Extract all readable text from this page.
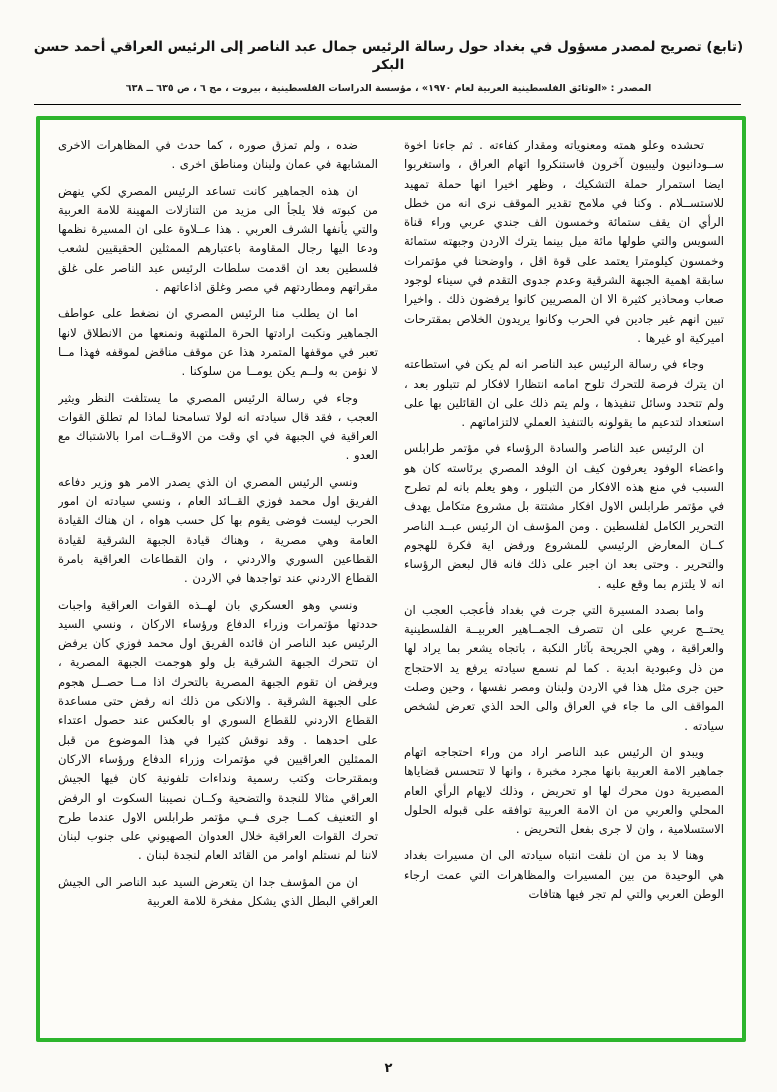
(تابع) تصريح لمصدر مسؤول في بغداد حول رسالة الرئيس جمال عبد الناصر إلى الرئيس العراقي أحمد حسن البكر
المصدر : «الوثائق الفلسطينية العربية لعام ١٩٧٠» ، مؤسسة الدراسات الفلسطينية ، بيروت ، مج ٦ ، ص ٦٣٥ ــ ٦٣٨

تحشده وعلو همته ومعنوياته ومقدار كفاءته . ثم جاءنا اخوة ســودانيون وليبيون آخرون فاستنكروا اتهام العراق ، واستغربوا ايضا استمرار حملة التشكيك ، وظهر اخيرا انها حملة تمهيد للاستســلام . وكنا في ملامح تقدير الموقف نرى انه من خطل الرأي ان يقف ستمائة وخمسون الف جندي عربي وراء قناة السويس والتي طولها مائة ميل بينما يترك الاردن وجبهته ستمائة وخمسون كيلومترا يعتمد على قوة اقل ، واوضحنا في مؤتمرات سابقة اهمية الجبهة الشرقية وعدم جدوى التقدم في سيناء لوجود صعاب ومحاذير كثيرة الا ان المصريين كانوا يرفضون ذلك . واخيرا تبين انهم غير جادين في الحرب وكانوا يريدون الخلاص بمقترحات اميركية او غيرها .

وجاء في رسالة الرئيس عبد الناصر انه لم يكن في استطاعته ان يترك فرصة للتحرك تلوح امامه انتظارا لافكار لم تتبلور بعد ، ولم تتحدد وسائل تنفيذها ، ولم يتم ذلك على ان القائلين بها على استعداد لتدعيم ما يقولونه بالتنفيذ العملي لالتزاماتهم .

ان الرئيس عبد الناصر والسادة الرؤساء في مؤتمر طرابلس واعضاء الوفود يعرفون كيف ان الوفد المصري برئاسته كان هو السبب في منع هذه الافكار من التبلور ، وهو يعلم بانه لم تطرح في مؤتمر طرابلس الاول افكار مشتتة بل مشروع متكامل يهدف التحرير الكامل لفلسطين . ومن المؤسف ان الرئيس عبــد الناصر كــان المعارض الرئيسي للمشروع ورفض اية فكرة للهجوم والتحرير . وحتى بعد ان اجبر على ذلك فانه قال لبعض الرؤساء انه لا يلتزم بما وقع عليه .

واما بصدد المسيرة التي جرت في بغداد فأعجب العجب ان يحتــج عربي على ان تتصرف الجمــاهير العربيــة الفلسطينية والعراقية ، وهي الجريحة بآثار النكبة ، باتجاه يشعر بما يراد لها من ذل وعبودية ابدية . كما لم نسمع سيادته يرفع يد الاحتجاج حين جرى مثل هذا في الاردن ولبنان ومصر نفسها ، وحين وصلت المواقف الى ما جاء في العراق والى الحد الذي تعرض لشخص سيادته .

ويبدو ان الرئيس عبد الناصر اراد من وراء احتجاجه اتهام جماهير الامة العربية بانها مجرد مخبرة ، وانها لا تتحسس قضاياها المصيرية دون محرك لها او تحريض ، وذلك لايهام الرأي العام المحلي والعربي من ان الامة العربية توافقه على قبوله الحلول الاستسلامية ، وان لا جرى بفعل التحريض .

وهنا لا بد من ان نلفت انتباه سيادته الى ان مسيرات بغداد هي الوحيدة من بين المسيرات والمظاهرات التي عمت ارجاء الوطن العربي والتي لم تجر فيها هتافات

ضده ، ولم تمزق صوره ، كما حدث في المظاهرات الاخرى المشابهة في عمان ولبنان ومناطق اخرى .

ان هذه الجماهير كانت تساعد الرئيس المصري لكي ينهض من كبوته فلا يلجأ الى مزيد من التنازلات المهينة للامة العربية والتي يأنفها الشرف العربي . هذا عــلاوة على ان المسيرة نظمها ودعا اليها رجال المقاومة باعتبارهم الممثلين الحقيقيين لشعب فلسطين بعد ان اقدمت سلطات الرئيس عبد الناصر على غلق مقراتهم ومطاردتهم في مصر وغلق اذاعاتهم .

اما ان يطلب منا الرئيس المصري ان نضغط على عواطف الجماهير ونكبت ارادتها الحرة الملتهبة ونمنعها من الانطلاق لانها تعبر في موقفها المتمرد هذا عن موقف مناقض لموقفه فهذا مــا لا نؤمن به ولــم يكن يومــا من سلوكنا .

وجاء في رسالة الرئيس المصري ما يستلفت النظر ويثير العجب ، فقد قال سيادته انه لولا تسامحنا لماذا لم تطلق القوات العراقية في الجبهة في اي وقت من الاوقــات امرا بالاشتباك مع العدو .

ونسي الرئيس المصري ان الذي يصدر الامر هو وزير دفاعه الفريق اول محمد فوزي القــائد العام ، ونسي سيادته ان امور الحرب ليست فوضى يقوم بها كل حسب هواه ، ان هناك القيادة العامة وهي مصرية ، وهناك قيادة الجبهة الشرقية لقيادة القطاعين السوري والاردني ، وان القطاعات العراقية بامرة القطاع الاردني عند تواجدها في الاردن .

ونسي وهو العسكري بان لهــذه القوات العراقية واجبات حددتها مؤتمرات وزراء الدفاع ورؤساء الاركان ، ونسي السيد الرئيس عبد الناصر ان قائده الفريق اول محمد فوزي كان يرفض ان تتحرك الجبهة الشرقية بل ولو هوجمت الجبهة المصرية ، ويرفض ان تقوم الجبهة المصرية بالتحرك اذا مــا حصــل هجوم على الجبهة الشرقية . والانكى من ذلك انه رفض حتى مساعدة القطاع الاردني للقطاع السوري او بالعكس عند حصول اعتداء على احدهما . وقد نوقش كثيرا في هذا الموضوع من قبل الممثلين العراقيين في مؤتمرات وزراء الدفاع ورؤساء الاركان وبمقترحات وكتب رسمية ونداءات تلفونية كان فيها الجيش العراقي مثالا للنجدة والتضحية وكــان نصيبنا السكوت او الرفض او التعنيف كمــا جرى فــي مؤتمر طرابلس الاول عندما طرح تحرك القوات العراقية خلال العدوان الصهيوني على جنوب لبنان لاننا لم نستلم اوامر من القائد العام لنجدة لبنان .

ان من المؤسف جدا ان يتعرض السيد عبد الناصر الى الجيش العراقي البطل الذي يشكل مفخرة للامة العربية

٢
